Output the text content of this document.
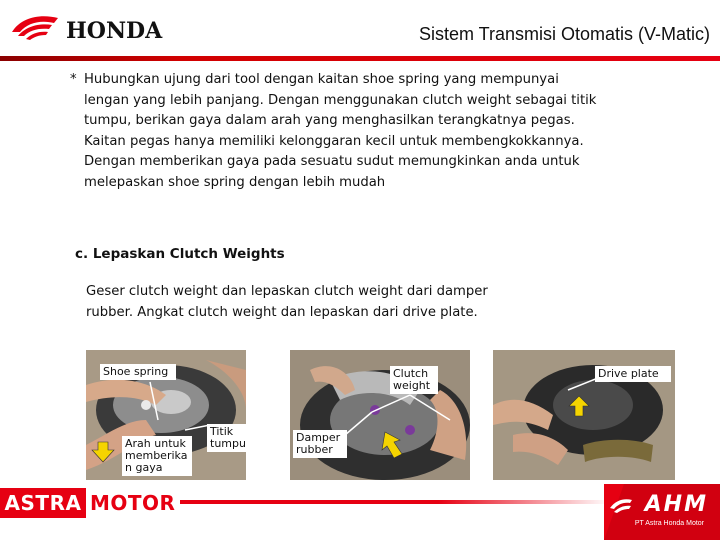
HONDA	Sistem Transmisi Otomatis (V-Matic)
* Hubungkan ujung dari tool dengan kaitan shoe spring yang mempunyai
lengan yang lebih panjang. Dengan menggunakan clutch weight sebagai titik
tumpu, berikan gaya dalam arah yang menghasilkan terangkatnya pegas.
Kaitan pegas hanya memiliki kelonggaran kecil untuk membengkokkannya.
Dengan memberikan gaya pada sesuatu sudut memungkinkan anda untuk
melepaskan shoe spring dengan lebih mudah
c. Lepaskan Clutch Weights
Geser clutch weight dan lepaskan clutch weight dari damper
rubber. Angkat clutch weight dan lepaskan dari drive plate.
Shoe spring
Arah untuk
memberika
n gaya
Titik
tumpu
Clutch
weight
Damper
rubber
Drive plate
ASTRA MOTOR	AHM
PT Astra Honda Motor
